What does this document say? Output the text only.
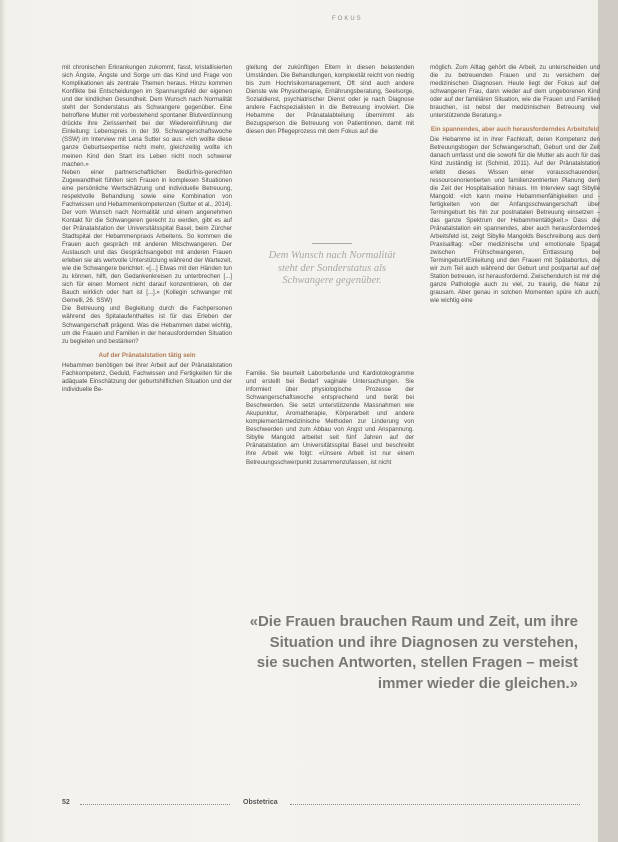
FOKUS

mit chronischen Erkrankungen zukommt, fasst, kristallisierten sich Ängste, Ängste und Sorge um das Kind und Frage von Komplikationen als zentrale Themen heraus. Hinzu kommen Konflikte bei Entscheidungen im Spannungsfeld der eigenen und der kindlichen Gesundheit. Dem Wunsch nach Normalität steht der Sonderstatus als Schwangere gegenüber. Eine betroffene Mutter mit vorbestehend spontaner Blutverdünnung drückte ihre Zerissenheit bei der Wiedereinführung der Einleitung: Lebenspreis in der 39. Schwangerschaftswoche (SSW) im Interview mit Lena Sutter so aus: «Ich wollte diese ganze Geburtsexpertise nicht mehr, gleichzeitig wollte ich meinen Kind den Start ins Leben nicht noch schwerer machen.»

Neben einer partnerschaftlichen Bedürfnis-gerechten Zugewandtheit fühlten sich Frauen in komplexen Situationen eine persönliche Wertschätzung und individuelle Betreuung, respektvolle Behandlung sowie eine Kombination von Fachwissen und Hebammenkompetenzen (Sutter et al., 2014). Der vom Wunsch nach Normalität und einem angenehmen Kontakt für die Schwangeren gerecht zu werden, gibt es auf der Pränatalstation der Universitätsspital Basel, beim Zürcher Stadtspital der Hebammenpraxis Arbeitens. So kommen die Frauen auch gespräch mit anderen Mitschwangeren. Der Austausch und das Gesprächsangebot mit anderen Frauen erleben sie als wertvolle Unterstützung während der Wartezeit, wie die Schwangere berichtet: «[...] Etwas mit den Händen tun zu können, hilft, den Gedankenkreisen zu unterbrechen [...] sich für einen Moment nicht darauf konzentrieren, ob der Bauch wirklich oder hart ist [...].» (Kollegin schwanger mit Gemelli, 26. SSW)

Die Betreuung und Begleitung durch die Fachpersonen während des Spitalaufenthaltes ist für das Erleben der Schwangerschaft prägend. Was die Hebammen dabei wichtig, um die Frauen und Familien in der herausfordernden Situation zu begleiten und bestärken?

Auf der Pränatalstation tätig sein

Hebammen benötigen bei ihrer Arbeit auf der Pränatalstation Fachkompetenz, Geduld, Fachwissen und Fertigkeiten für die adäquate Einschätzung der geburtshilflichen Situation und der individuelle Be-

gleitung der zukünftigen Eltern in diesen belastenden Umständen. Die Behandlungen, komplexität reicht von niedrig bis zum Hochrisikomanagement, Oft sind auch andere Dienste wie Physiotherapie, Ernährungsberatung, Seelsorge, Sozialdienst, psychiatrischer Dienst oder je nach Diagnose andere Fachspezialisten in die Betreuung involviert. Die Hebamme der Pränatalabteilung übernimmt als Bezugsperson die Betreuung von Patientinnen, damit mit diesen den Pflegeprozess mit dem Fokus auf die

Dem Wunsch nach Normalität steht der Sonderstatus als Schwangere gegenüber.

Familie. Sie beurteilt Laborbefunde und Kardiotokogramme und erstellt bei Bedarf vaginale Untersuchungen. Sie informiert über physiologische Prozesse der Schwangerschaftswoche entsprechend und berät bei Beschwerden. Sie setzt unterstützende Massnahmen wie Akupunktur, Aromatherapie, Körperarbeit und andere komplementärmedizinische Methoden zur Linderung von Beschwerden und zum Abbau von Angst und Anspannung. Sibylle Mangold arbeitet seit fünf Jahren auf der Pränatalstation am Universitätsspital Basel und beschreibt ihre Arbeit wie folgt: «Unsere Arbeit ist nur einem Betreuungsschwerpunkt zusammenzufassen, ist nicht

möglich. Zum Alltag gehört die Arbeit, zu unterscheiden und die zu betreuenden Frauen und zu versichern der medizinischen Diagnosen. Heute liegt der Fokus auf der schwangeren Frau, dann wieder auf dem ungeborenen Kind oder auf der familiären Situation, wie die Frauen und Familien brauchen, ist nebst der medizinischen Betreuung viel unterstützende Beratung.»

Ein spannendes, aber auch herausforderndes Arbeitsfeld

Die Hebamme ist in ihrer Fachkraft, deren Kompetenz den Betreuungsbogen der Schwangerschaft, Geburt und der Zeit danach umfasst und die sowohl für die Mutter als auch für das Kind zuständig ist (Schmid, 2011). Auf der Pränatalstation erlebt dieses Wissen einer vorausschauenden, ressourcenorientierten und familienzentrierten Planung dem die Zeit der Hospitalisation hinaus. Im Interview sagt Sibylle Mangold: «Ich kann meine Hebammenfähigkeiten und -fertigkeiten von der Anfangsschwangerschaft über Termingeburt bis hin zur postnatalen Betreuung einsetzen – das ganze Spektrum der Hebammentätigkeit.» Dass die Pränatalstation ein spannendes, aber auch herausforderndes Arbeitsfeld ist, zeigt Sibylle Mangolds Beschreibung aus dem Praxisalltag: «Der medizinische und emotionale Spagat zwischen Frühschwangeren, Entlassung bei Termingeburt/Einleitung und den Frauen mit Spätabortus, die wir zum Teil auch während der Geburt und postpartal auf der Station betreuen, ist herausfordernd. Zwischendurch ist mir die ganze Pathologie auch zu viel, zu traurig, die Natur zu grausam. Aber genau in solchen Momenten spüre ich auch, wie wichtig eine

«Die Frauen brauchen Raum und Zeit, um ihre Situation und ihre Diagnosen zu verstehen, sie suchen Antworten, stellen Fragen – meist immer wieder die gleichen.»
52	Obstetrica
